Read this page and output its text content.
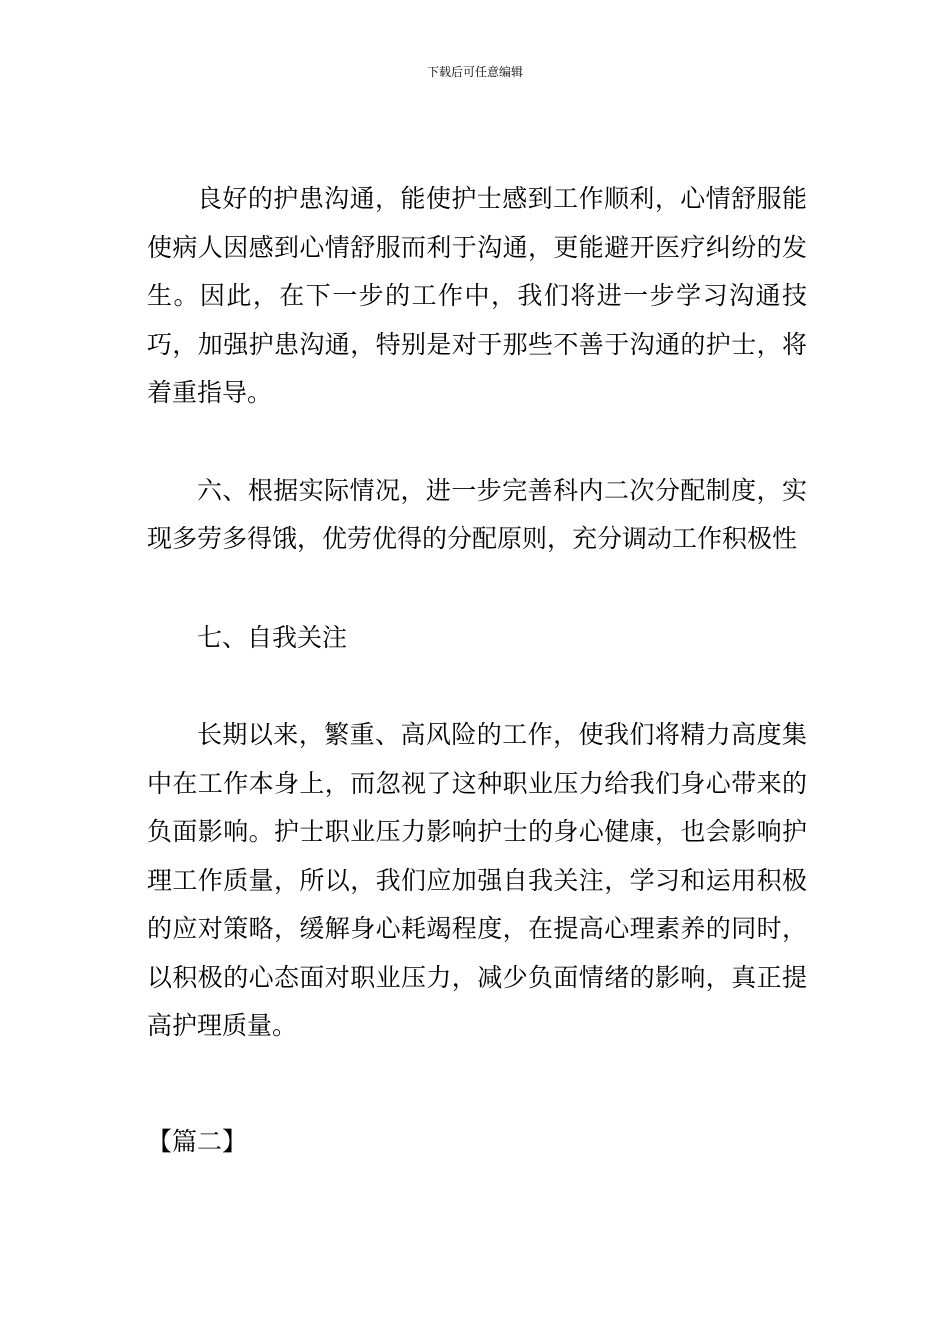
下载后可任意编辑

良好的护患沟通，能使护士感到工作顺利，心情舒服能使病人因感到心情舒服而利于沟通，更能避开医疗纠纷的发生。因此，在下一步的工作中，我们将进一步学习沟通技巧，加强护患沟通，特别是对于那些不善于沟通的护士，将着重指导。

六、根据实际情况，进一步完善科内二次分配制度，实现多劳多得饿，优劳优得的分配原则，充分调动工作积极性

七、自我关注

长期以来，繁重、高风险的工作，使我们将精力高度集中在工作本身上，而忽视了这种职业压力给我们身心带来的负面影响。护士职业压力影响护士的身心健康，也会影响护理工作质量，所以，我们应加强自我关注，学习和运用积极的应对策略，缓解身心耗竭程度，在提高心理素养的同时，以积极的心态面对职业压力，减少负面情绪的影响，真正提高护理质量。

【篇二】
